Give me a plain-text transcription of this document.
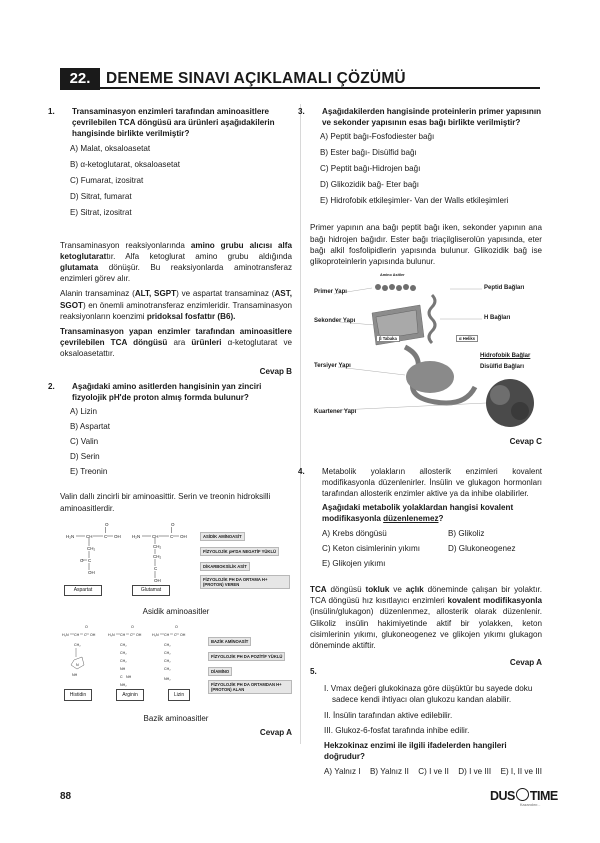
22.	DENEME SINAVI AÇIKLAMALI ÇÖZÜMÜ

1. Transaminasyon enzimleri tarafından aminoasitlere çevrilebilen TCA döngüsü ara ürünleri aşağıdakilerin hangisinde birlikte verilmiştir?

A) Malat, oksaloasetat

B) α-ketoglutarat, oksaloasetat

C) Fumarat, izositrat

D) Sitrat, fumarat

E) Sitrat, izositrat

Transaminasyon reaksiyonlarında amino grubu alıcısı alfa ketoglutarattır. Alfa ketoglurat amino grubu aldığında glutamata dönüşür. Bu reaksiyonlarda aminotransferaz enzimleri görev alır.

Alanin transaminaz (ALT, SGPT) ve aspartat transaminaz (AST, SGOT) en önemli aminotransferaz enzimleridir. Transaminasyon reaksiyonların koenzimi pridoksal fosfattır (B6).

Transaminasyon yapan enzimler tarafından aminoasitlere çevrilebilen TCA döngüsü ara ürünleri α-ketoglutarat ve oksaloasetattır.

Cevap B

2. Aşağıdaki amino asitlerden hangisinin yan zinciri fizyolojik pH'de proton almış formda bulunur?

A) Lizin

B) Aspartat

C) Valin

D) Serin

E) Treonin

Valin dallı zincirli bir aminoasittir. Serin ve treonin hidroksilli aminoasitlerdir.

H₂N	CH	C OH
O
CH₂
C
OH
O
H₂N	CH	C OH
O
CH₂
CH₂
C
OH
Aspartat	Glutamat
ASİDİK AMİNOASİT
FİZYOLOJİK pH'DA NEGATİF YÜKLÜ
DİKARBOKSİLİK ASİT
FİZYOLOJİK PH DA ORTAMA H+ (PROTON) VEREN
Asidik aminoasitler
H₂N CH C OH
O
CH₂
N
NH
H₂N CH C OH
O
CH₂
CH₂
CH₂
NH
C NH
NH₂
H₂N CH C OH
O
CH₂
CH₂
CH₂
CH₂
NH₂
Histidin	Arginin	Lizin
BAZİK AMİNOASİT
FİZYOLOJİK PH DA POZİTİF YÜKLÜ
DİAMİNO
FİZYOLOJİK PH DA ORTAMDAN H+ (PROTON) ALAN
Bazik aminoasitler
Cevap A

3. Aşağıdakilerden hangisinde proteinlerin primer yapısının ve sekonder yapısının esas bağı birlikte verilmiştir?

A) Peptit bağı-Fosfodiester bağı

B) Ester bağı- Disülfid bağı

C) Peptit bağı-Hidrojen bağı

D) Glikozidik bağ- Eter bağı

E) Hidrofobik etkileşimler- Van der Walls etkileşimleri

Primer yapının ana bağı peptit bağı iken, sekonder yapının ana bağı hidrojen bağıdır. Ester bağı triaçilgliserolün yapısında, eter bağı alkil fosfolipidlerin yapısında bulunur. Glikozidik bağ ise glikoproteinlerin yapısında bulunur.

Primer Yapı
Sekonder Yapı
Tersiyer Yapı
Kuartener Yapı
Peptid Bağları
H Bağları
Hidrofobik Bağlar
Disülfid Bağları
Amino Asitler
β Tabaka	α Heliks
Cevap C

4. Metabolik yolakların allosterik enzimleri kovalent modifikasyonla düzenlenirler. İnsülin ve glukagon hormonları tarafından allosterik enzimler aktive ya da inhibe olabilirler.

Aşağıdaki metabolik yolaklardan hangisi kovalent modifikasyonla düzenlenemez?

A) Krebs döngüsü	B) Glikoliz
C) Keton cisimlerinin yıkımı	D) Glukoneogenez
E) Glikojen yıkımı

TCA döngüsü tokluk ve açlık döneminde çalışan bir yolaktır. TCA döngüsü hız kısıtlayıcı enzimleri kovalent modifikasyonla (insülin/glukagon) düzenlenmez, allosterik olarak düzenlenir. Glikoliz insülin hakimiyetinde aktif bir yolakken, keton cisimlerinin yıkımı, glukoneogenez ve glikojen yıkımı glukagon döneminde aktiftir.

Cevap A

5.

I. Vmax değeri glukokinaza göre düşüktür bu sayede doku sadece kendi ihtiyacı olan glukozu kandan alabilir.

II. İnsülin tarafından aktive edilebilir.

III. Glukoz-6-fosfat tarafında inhibe edilir.

Hekzokinaz enzimi ile ilgili ifadelerden hangileri doğrudur?

A) Yalnız I B) Yalnız II C) I ve II D) I ve III E) I, II ve III
88	DUS TIME
Kazandırır...
